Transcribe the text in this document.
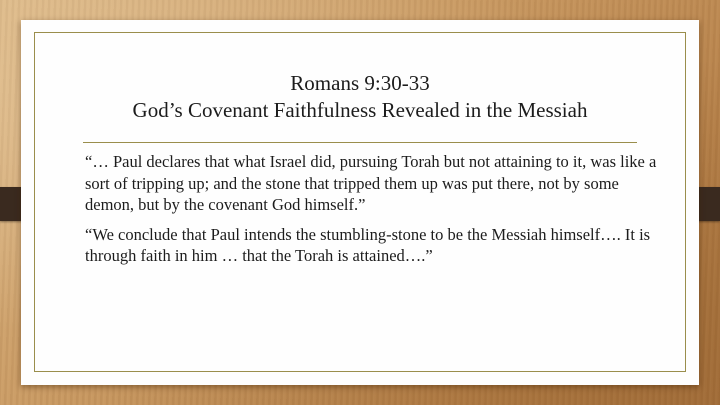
Romans 9:30-33
God’s Covenant Faithfulness Revealed in the Messiah

“… Paul declares that what Israel did, pursuing Torah but not attaining to it, was like a sort of tripping up; and the stone that tripped them up was put there, not by some demon, but by the covenant God himself.”

“We conclude that Paul intends the stumbling-stone to be the Messiah himself…. It is through faith in him … that the Torah is attained….”
